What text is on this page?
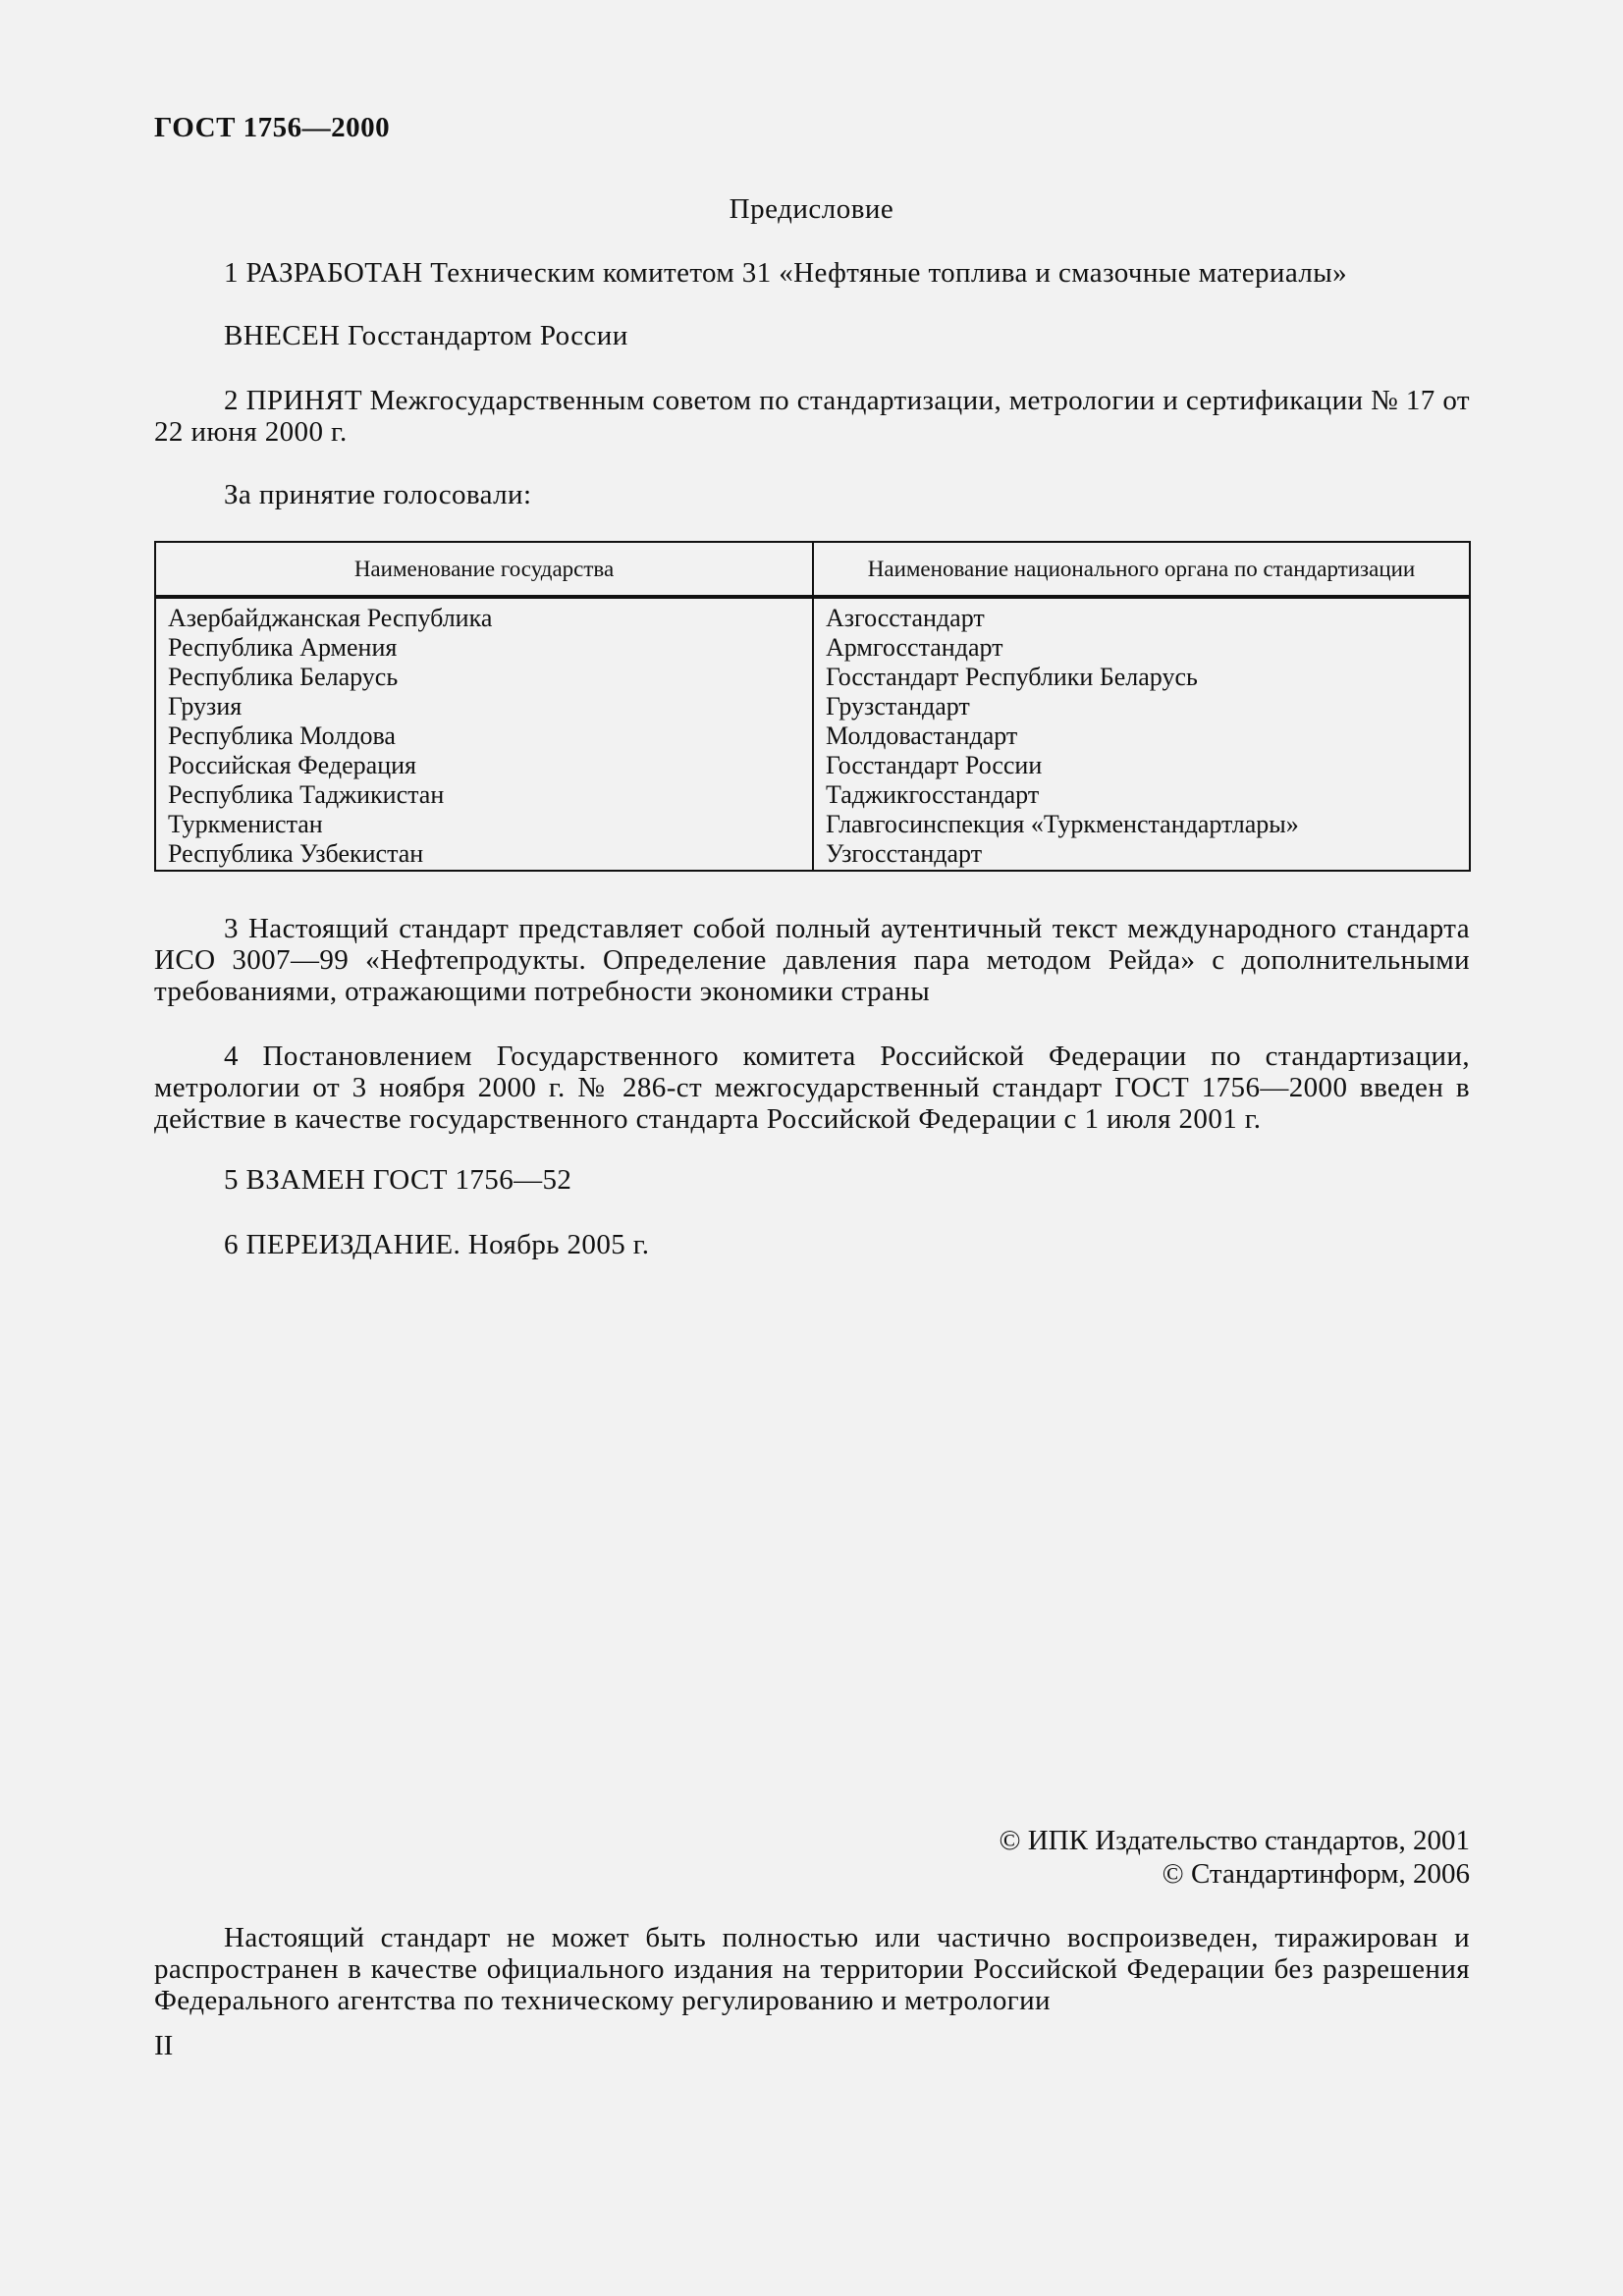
ГОСТ 1756—2000
Предисловие
1 РАЗРАБОТАН Техническим комитетом 31 «Нефтяные топлива и смазочные материалы»
ВНЕСЕН Госстандартом России
2 ПРИНЯТ Межгосударственным советом по стандартизации, метрологии и сертификации № 17 от 22 июня 2000 г.
За принятие голосовали:
Наименование государства	Наименование национального органа по стандартизации
Азербайджанская Республика	Азгосстандарт
Республика Армения	Армгосстандарт
Республика Беларусь	Госстандарт Республики Беларусь
Грузия	Грузстандарт
Республика Молдова	Молдовастандарт
Российская Федерация	Госстандарт России
Республика Таджикистан	Таджикгосстандарт
Туркменистан	Главгосинспекция «Туркменстандартлары»
Республика Узбекистан	Узгосстандарт
3 Настоящий стандарт представляет собой полный аутентичный текст международного стандарта ИСО 3007—99 «Нефтепродукты. Определение давления пара методом Рейда» с дополнительными требованиями, отражающими потребности экономики страны
4 Постановлением Государственного комитета Российской Федерации по стандартизации, метрологии от 3 ноября 2000 г. № 286-ст межгосударственный стандарт ГОСТ 1756—2000 введен в действие в качестве государственного стандарта Российской Федерации с 1 июля 2001 г.
5 ВЗАМЕН ГОСТ 1756—52
6 ПЕРЕИЗДАНИЕ. Ноябрь 2005 г.
© ИПК Издательство стандартов, 2001
© Стандартинформ, 2006
Настоящий стандарт не может быть полностью или частично воспроизведен, тиражирован и распространен в качестве официального издания на территории Российской Федерации без разрешения Федерального агентства по техническому регулированию и метрологии
II
